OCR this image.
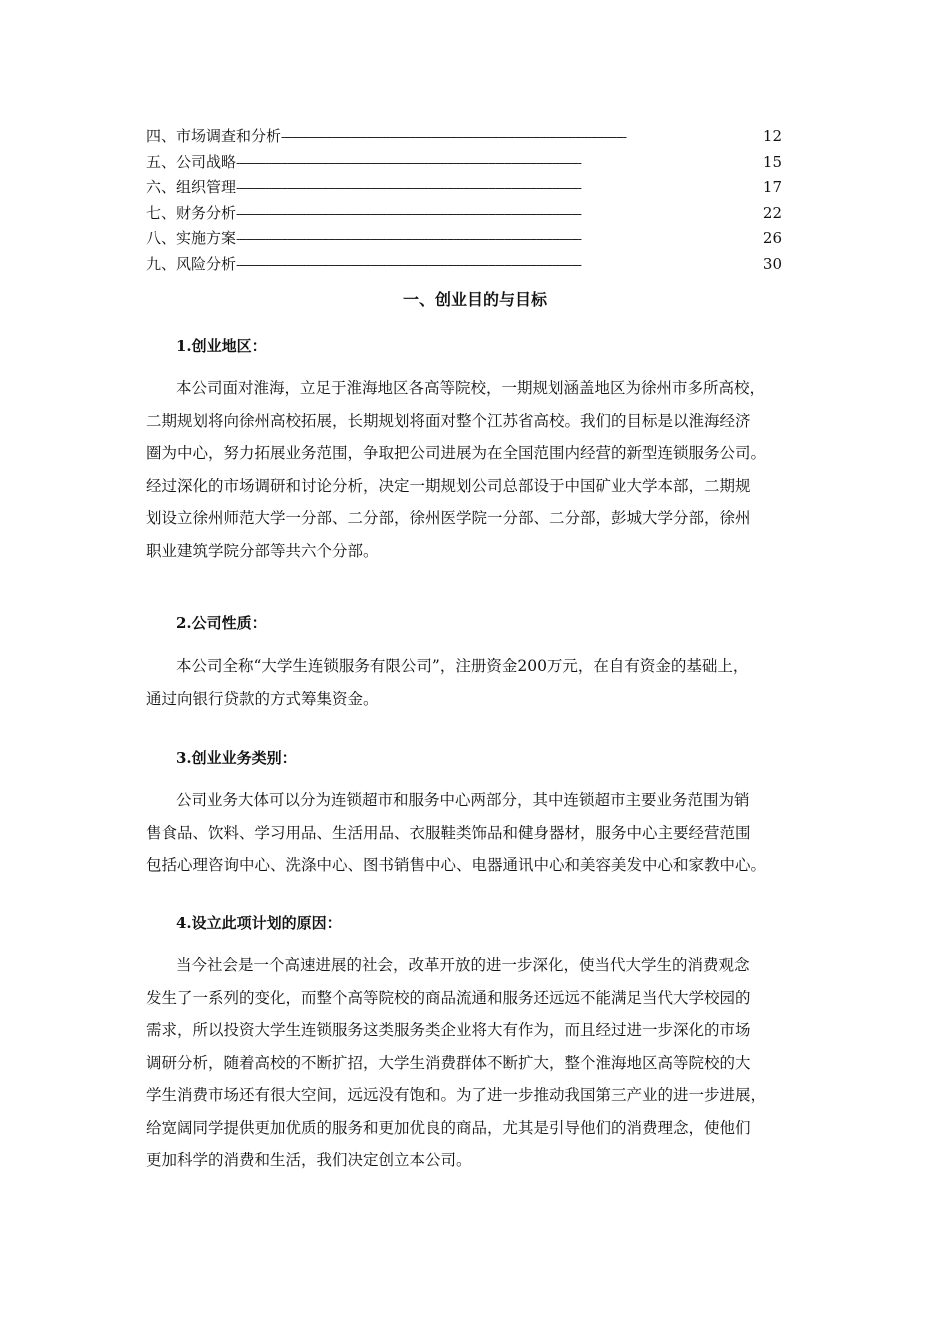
四、市场调查和分析 ------------------------------------------------------------------------------------------------------------	12
五、公司战略 ------------------------------------------------------------------------------------------------------------	15
六、组织管理 ------------------------------------------------------------------------------------------------------------	17
七、财务分析 ------------------------------------------------------------------------------------------------------------	22
八、实施方案 ------------------------------------------------------------------------------------------------------------	26
九、风险分析 ------------------------------------------------------------------------------------------------------------	30
一、创业目的与目标
1.创业地区：
本公司面对淮海，立足于淮海地区各高等院校，一期规划涵盖地区为徐州市多所高校，
二期规划将向徐州高校拓展，长期规划将面对整个江苏省高校。我们的目标是以淮海经济
圈为中心，努力拓展业务范围，争取把公司进展为在全国范围内经营的新型连锁服务公司。
经过深化的市场调研和讨论分析，决定一期规划公司总部设于中国矿业大学本部，二期规
划设立徐州师范大学一分部、二分部，徐州医学院一分部、二分部，彭城大学分部，徐州
职业建筑学院分部等共六个分部。
2.公司性质：
本公司全称“大学生连锁服务有限公司”，注册资金200万元，在自有资金的基础上，
通过向银行贷款的方式筹集资金。
3.创业业务类别：
公司业务大体可以分为连锁超市和服务中心两部分，其中连锁超市主要业务范围为销
售食品、饮料、学习用品、生活用品、衣服鞋类饰品和健身器材，服务中心主要经营范围
包括心理咨询中心、洗涤中心、图书销售中心、电器通讯中心和美容美发中心和家教中心。
4.设立此项计划的原因：
当今社会是一个高速进展的社会，改革开放的进一步深化，使当代大学生的消费观念
发生了一系列的变化，而整个高等院校的商品流通和服务还远远不能满足当代大学校园的
需求，所以投资大学生连锁服务这类服务类企业将大有作为，而且经过进一步深化的市场
调研分析，随着高校的不断扩招，大学生消费群体不断扩大，整个淮海地区高等院校的大
学生消费市场还有很大空间，远远没有饱和。为了进一步推动我国第三产业的进一步进展，
给宽阔同学提供更加优质的服务和更加优良的商品，尤其是引导他们的消费理念，使他们
更加科学的消费和生活，我们决定创立本公司。
